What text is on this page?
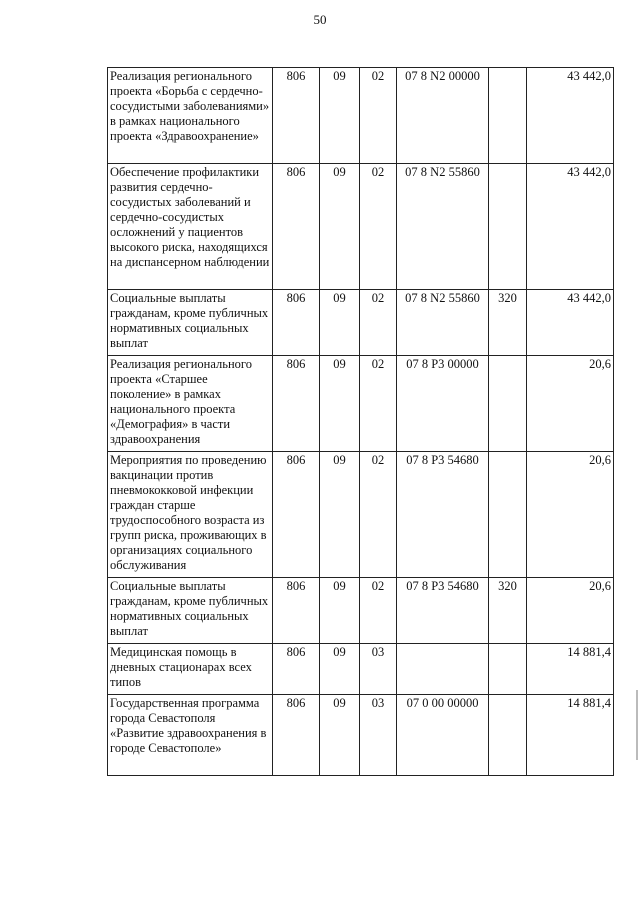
50
Реализация регионального проекта «Борьба с сердечно-сосудистыми заболеваниями» в рамках национального проекта «Здравоохранение»	806	09	02	07 8 N2 00000		43 442,0
Обеспечение профилактики развития сердечно-сосудистых заболеваний и сердечно-сосудистых осложнений у пациентов высокого риска, находящихся на диспансерном наблюдении	806	09	02	07 8 N2 55860		43 442,0
Социальные выплаты гражданам, кроме публичных нормативных социальных выплат	806	09	02	07 8 N2 55860	320	43 442,0
Реализация регионального проекта «Старшее поколение» в рамках национального проекта «Демография» в части здравоохранения	806	09	02	07 8 P3 00000		20,6
Мероприятия по проведению вакцинации против пневмококковой инфекции граждан старше трудоспособного возраста из групп риска, проживающих в организациях социального обслуживания	806	09	02	07 8 P3 54680		20,6
Социальные выплаты гражданам, кроме публичных нормативных социальных выплат	806	09	02	07 8 P3 54680	320	20,6
Медицинская помощь в дневных стационарах всех типов	806	09	03			14 881,4
Государственная программа города Севастополя «Развитие здравоохранения в городе Севастополе»	806	09	03	07 0 00 00000		14 881,4
